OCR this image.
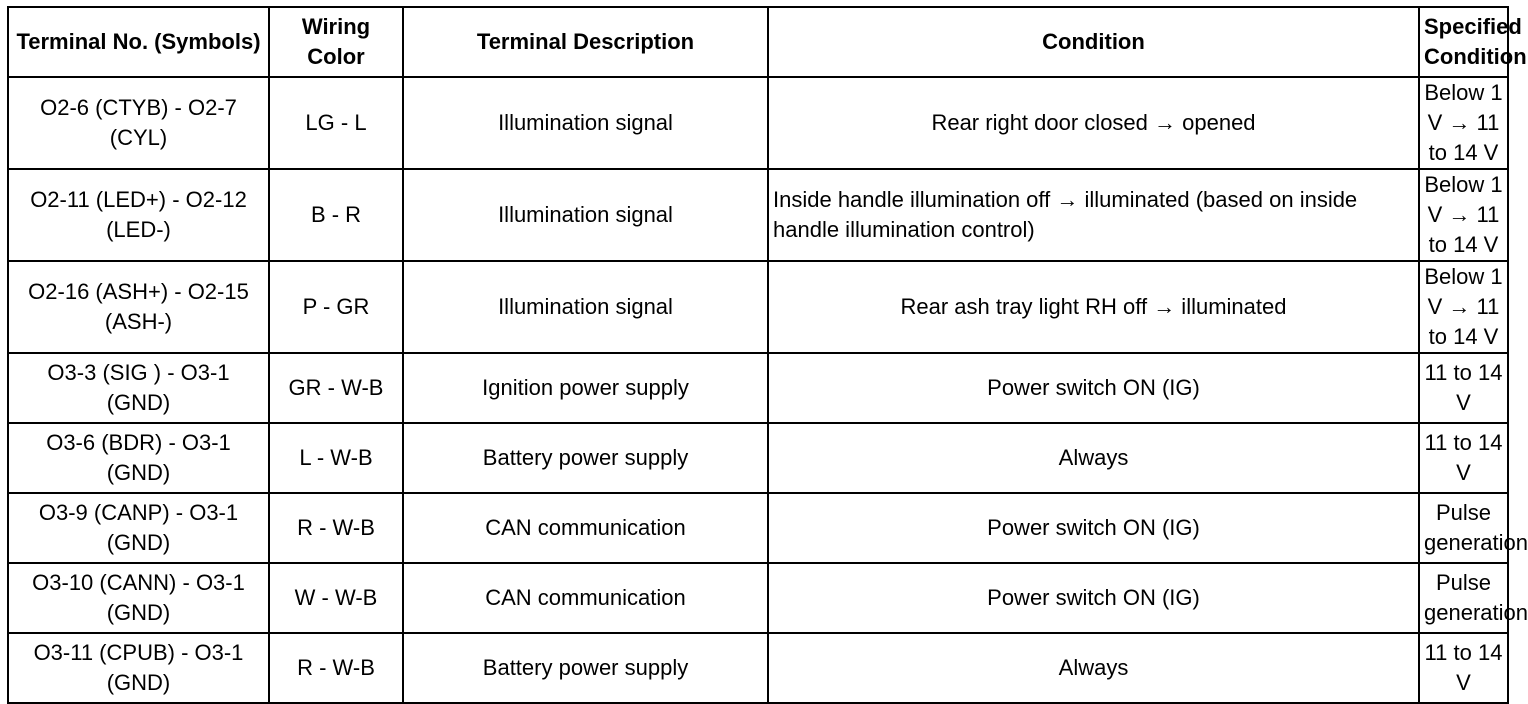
Terminal No. (Symbols)	Wiring Color	Terminal Description	Condition	Specified Condition
O2-6 (CTYB) - O2-7 (CYL)	LG - L	Illumination signal	Rear right door closed → opened	Below 1 V → 11 to 14 V
O2-11 (LED+) - O2-12 (LED-)	B - R	Illumination signal	Inside handle illumination off → illuminated (based on inside handle illumination control)	Below 1 V → 11 to 14 V
O2-16 (ASH+) - O2-15 (ASH-)	P - GR	Illumination signal	Rear ash tray light RH off → illuminated	Below 1 V → 11 to 14 V
O3-3 (SIG ) - O3-1 (GND)	GR - W-B	Ignition power supply	Power switch ON (IG)	11 to 14 V
O3-6 (BDR) - O3-1 (GND)	L - W-B	Battery power supply	Always	11 to 14 V
O3-9 (CANP) - O3-1 (GND)	R - W-B	CAN communication	Power switch ON (IG)	Pulse generation
O3-10 (CANN) - O3-1 (GND)	W - W-B	CAN communication	Power switch ON (IG)	Pulse generation
O3-11 (CPUB) - O3-1 (GND)	R - W-B	Battery power supply	Always	11 to 14 V
